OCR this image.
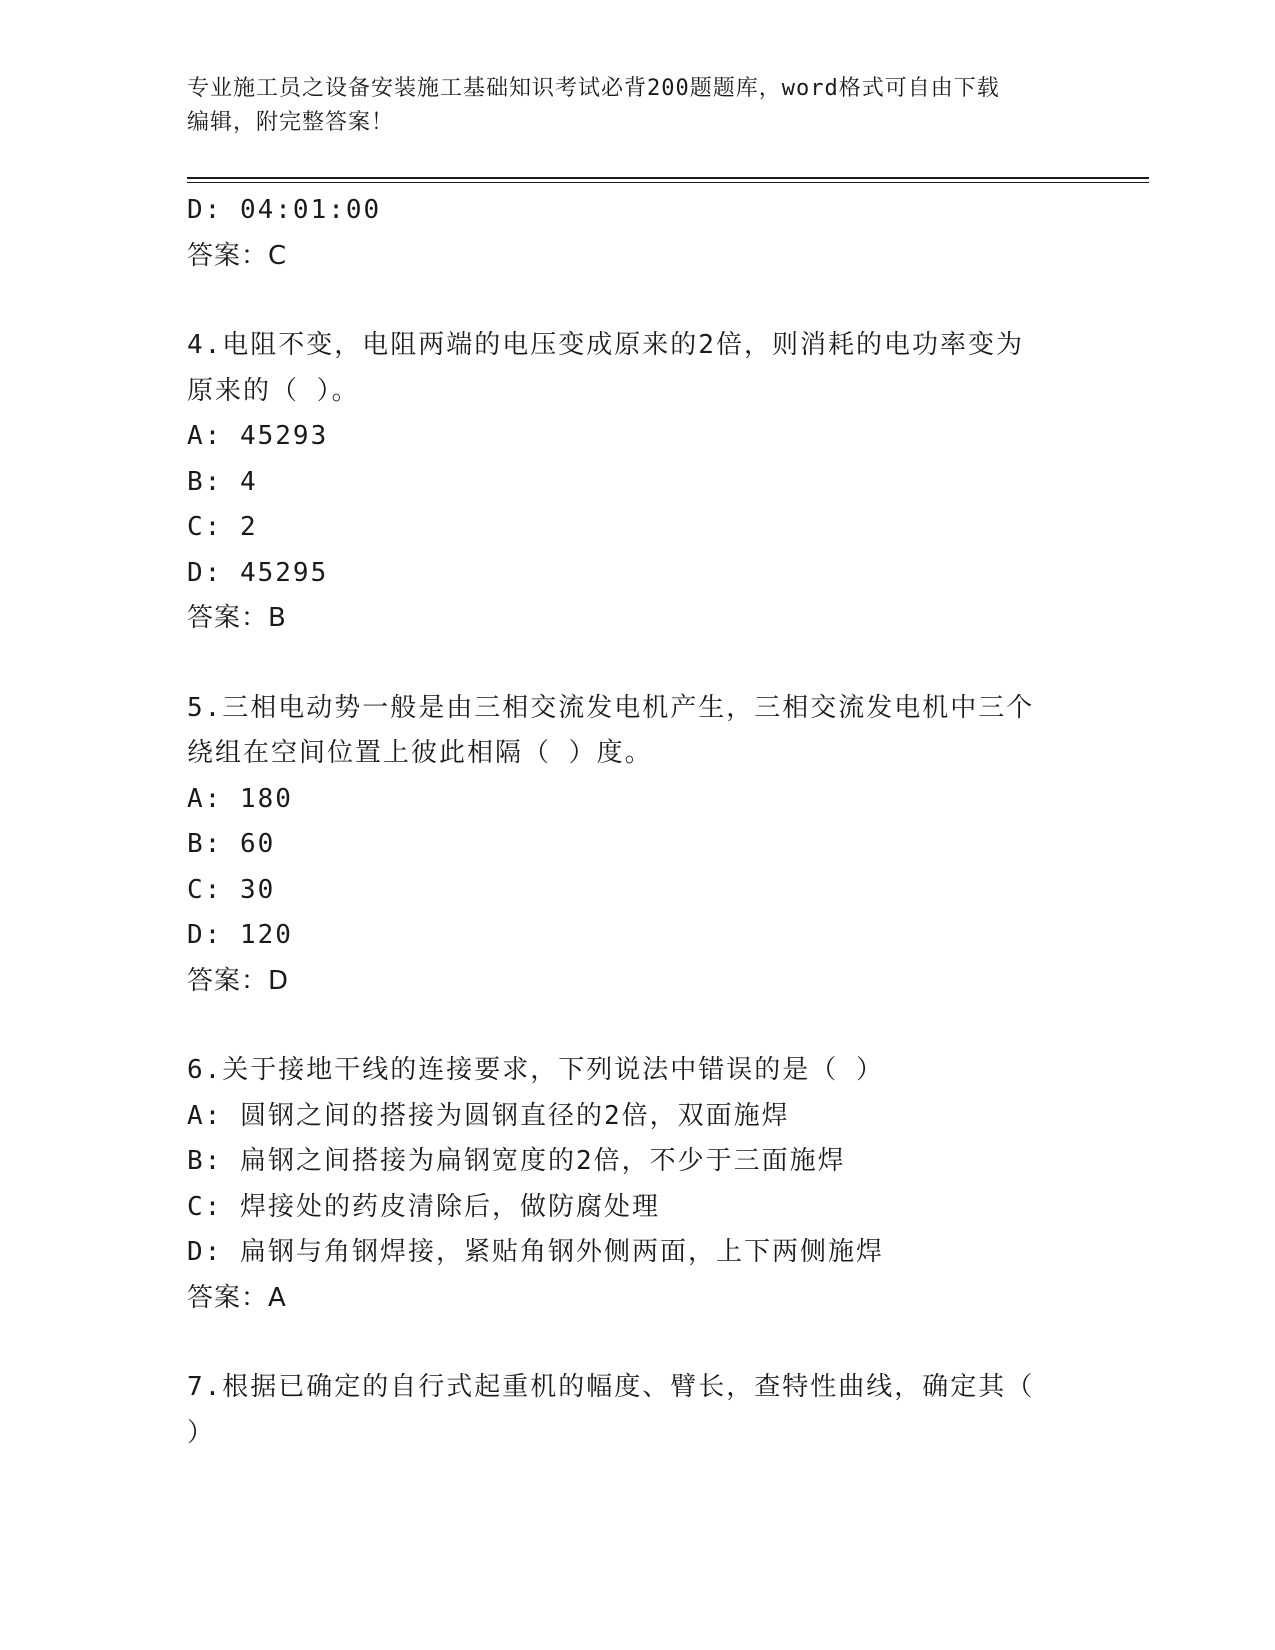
专业施工员之设备安装施工基础知识考试必背200题题库，word格式可自由下载
编辑，附完整答案！
D: 04:01:00
答案：C
4.电阻不变，电阻两端的电压变成原来的2倍，则消耗的电功率变为
原来的（ ）。
A: 45293
B: 4
C: 2
D: 45295
答案：B
5.三相电动势一般是由三相交流发电机产生，三相交流发电机中三个
绕组在空间位置上彼此相隔（ ）度。
A: 180
B: 60
C: 30
D: 120
答案：D
6.关于接地干线的连接要求，下列说法中错误的是（ ）
A: 圆钢之间的搭接为圆钢直径的2倍，双面施焊
B: 扁钢之间搭接为扁钢宽度的2倍，不少于三面施焊
C: 焊接处的药皮清除后，做防腐处理
D: 扁钢与角钢焊接，紧贴角钢外侧两面，上下两侧施焊
答案：A
7.根据已确定的自行式起重机的幅度、臂长，查特性曲线，确定其（
）
